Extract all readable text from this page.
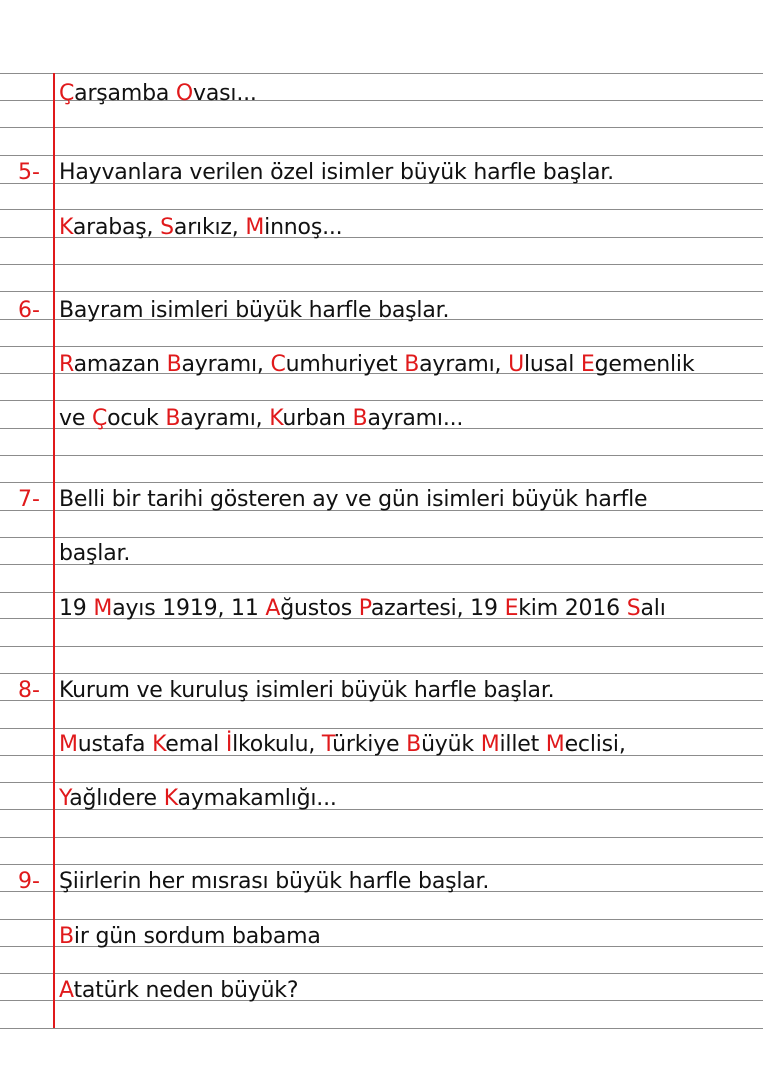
Çarşamba Ovası...
5- Hayvanlara verilen özel isimler büyük harfle başlar.
Karabaş, Sarıkız, Minnoş...
6- Bayram isimleri büyük harfle başlar.
Ramazan Bayramı, Cumhuriyet Bayramı, Ulusal Egemenlik
ve Çocuk Bayramı, Kurban Bayramı...
7- Belli bir tarihi gösteren ay ve gün isimleri büyük harfle
başlar.
19 Mayıs 1919, 11 Ağustos Pazartesi, 19 Ekim 2016 Salı
8- Kurum ve kuruluş isimleri büyük harfle başlar.
Mustafa Kemal İlkokulu, Türkiye Büyük Millet Meclisi,
Yağlıdere Kaymakamlığı...
9- Şiirlerin her mısrası büyük harfle başlar.
Bir gün sordum babama
Atatürk neden büyük?
